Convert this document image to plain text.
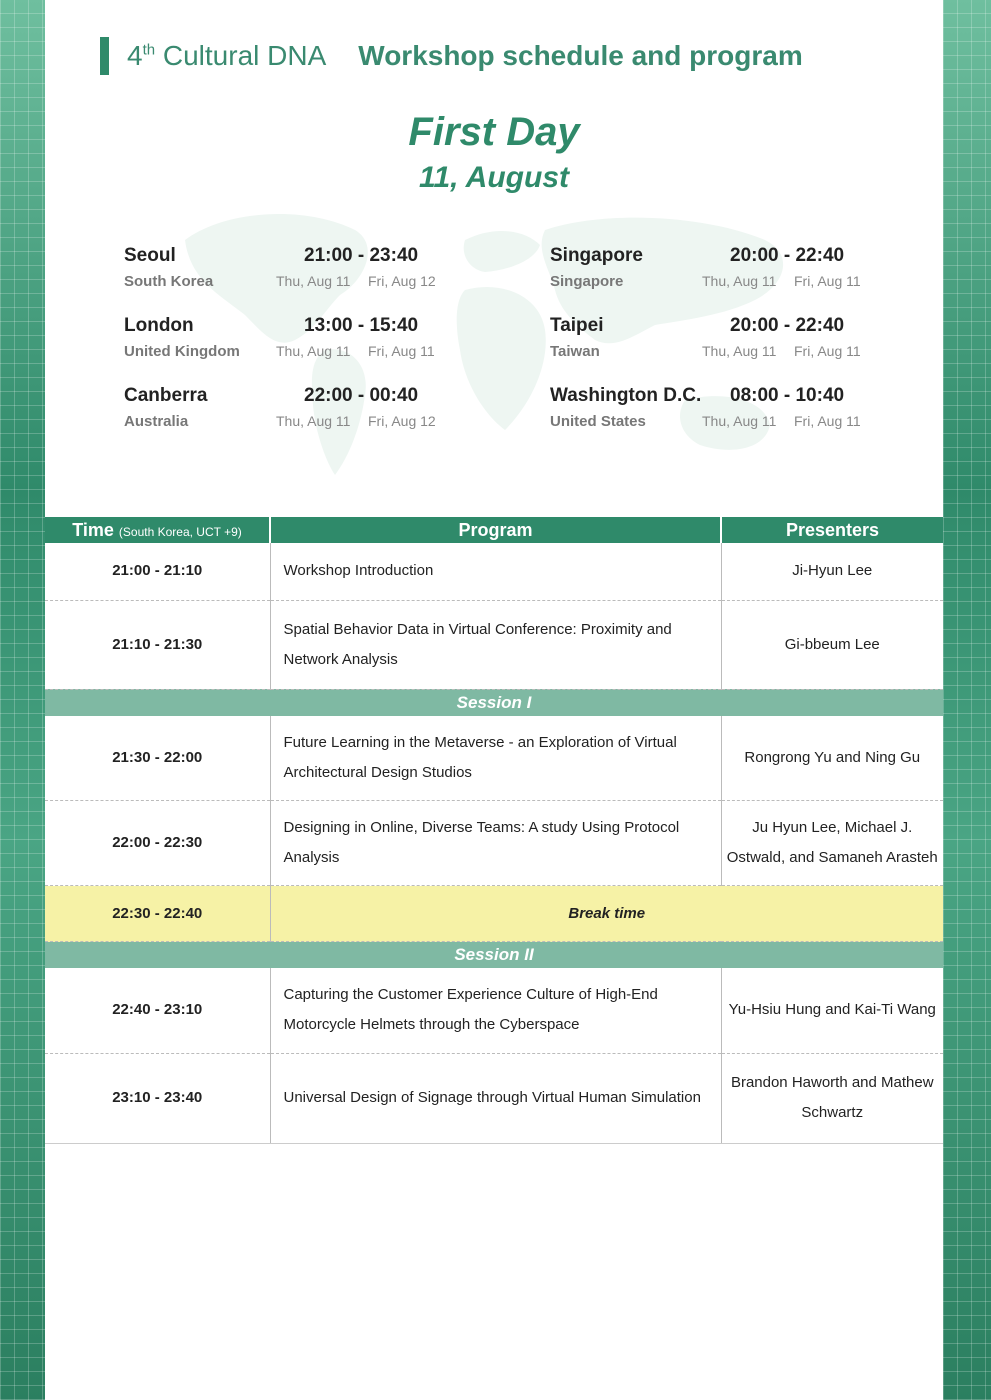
4th Cultural DNA Workshop schedule and program
First Day
11, August
Seoul
South Korea
21:00 - 23:40
Thu, Aug 11 Fri, Aug 12
London
United Kingdom
13:00 - 15:40
Thu, Aug 11 Fri, Aug 11
Canberra
Australia
22:00 - 00:40
Thu, Aug 11 Fri, Aug 12
Singapore
Singapore
20:00 - 22:40
Thu, Aug 11 Fri, Aug 11
Taipei
Taiwan
20:00 - 22:40
Thu, Aug 11 Fri, Aug 11
Washington D.C.
United States
08:00 - 10:40
Thu, Aug 11 Fri, Aug 11
Time (South Korea, UCT +9)	Program	Presenters
21:00 - 21:10	Workshop Introduction	Ji-Hyun Lee
21:10 - 21:30	Spatial Behavior Data in Virtual Conference: Proximity and Network Analysis	Gi-bbeum Lee
Session I		
21:30 - 22:00	Future Learning in the Metaverse - an Exploration of Virtual Architectural Design Studios	Rongrong Yu and Ning Gu
22:00 - 22:30	Designing in Online, Diverse Teams: A study Using Protocol Analysis	Ju Hyun Lee, Michael J. Ostwald, and Samaneh Arasteh
22:30 - 22:40	Break time	
Session II		
22:40 - 23:10	Capturing the Customer Experience Culture of High-End Motorcycle Helmets through the Cyberspace	Yu-Hsiu Hung and Kai-Ti Wang
23:10 - 23:40	Universal Design of Signage through Virtual Human Simulation	Brandon Haworth and Mathew Schwartz
